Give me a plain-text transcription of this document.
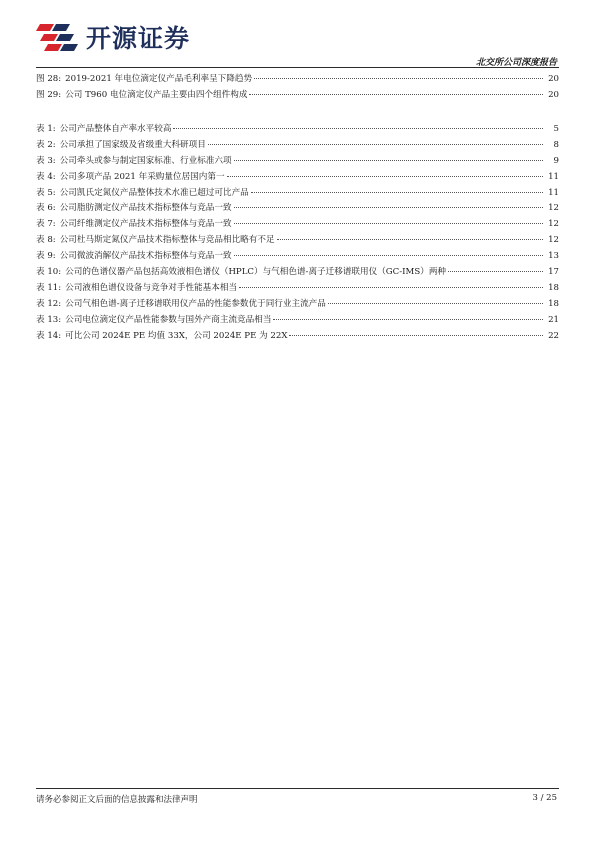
开源证券
北交所公司深度报告
图 28: 2019-2021 年电位滴定仪产品毛利率呈下降趋势	20
图 29: 公司 T960 电位滴定仪产品主要由四个组件构成	20
表 1: 公司产品整体自产率水平较高	5
表 2: 公司承担了国家级及省级重大科研项目	8
表 3: 公司牵头或参与制定国家标准、行业标准六项	9
表 4: 公司多项产品 2021 年采购量位居国内第一	11
表 5: 公司凯氏定氮仪产品整体技术水准已超过可比产品	11
表 6: 公司脂肪测定仪产品技术指标整体与竞品一致	12
表 7: 公司纤维测定仪产品技术指标整体与竞品一致	12
表 8: 公司杜马斯定氮仪产品技术指标整体与竞品相比略有不足	12
表 9: 公司微波消解仪产品技术指标整体与竞品一致	13
表 10: 公司的色谱仪器产品包括高效液相色谱仪（HPLC）与气相色谱-离子迁移谱联用仪（GC-IMS）两种	17
表 11: 公司液相色谱仪设备与竞争对手性能基本相当	18
表 12: 公司气相色谱-离子迁移谱联用仪产品的性能参数优于同行业主流产品	18
表 13: 公司电位滴定仪产品性能参数与国外产商主流竞品相当	21
表 14: 可比公司 2024E PE 均值 33X，公司 2024E PE 为 22X	22
请务必参阅正文后面的信息披露和法律声明	3 / 25
